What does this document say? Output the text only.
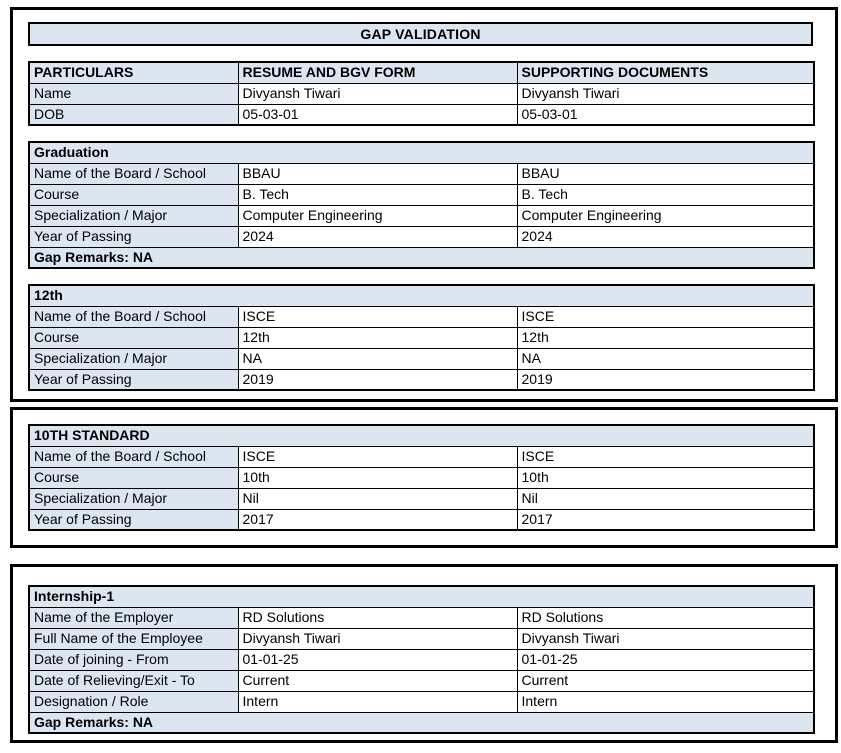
GAP VALIDATION
PARTICULARS	RESUME AND BGV FORM	SUPPORTING DOCUMENTS
Name	Divyansh Tiwari	Divyansh Tiwari
DOB	05-03-01	05-03-01
Graduation		
Name of the Board / School	BBAU	BBAU
Course	B. Tech	B. Tech
Specialization / Major	Computer Engineering	Computer Engineering
Year of Passing	2024	2024
Gap Remarks: NA		
12th		
Name of the Board / School	ISCE	ISCE
Course	12th	12th
Specialization / Major	NA	NA
Year of Passing	2019	2019
10TH STANDARD		
Name of the Board / School	ISCE	ISCE
Course	10th	10th
Specialization / Major	Nil	Nil
Year of Passing	2017	2017
Internship-1		
Name of the Employer	RD Solutions	RD Solutions
Full Name of the Employee	Divyansh Tiwari	Divyansh Tiwari
Date of joining - From	01-01-25	01-01-25
Date of Relieving/Exit - To	Current	Current
Designation / Role	Intern	Intern
Gap Remarks: NA		
